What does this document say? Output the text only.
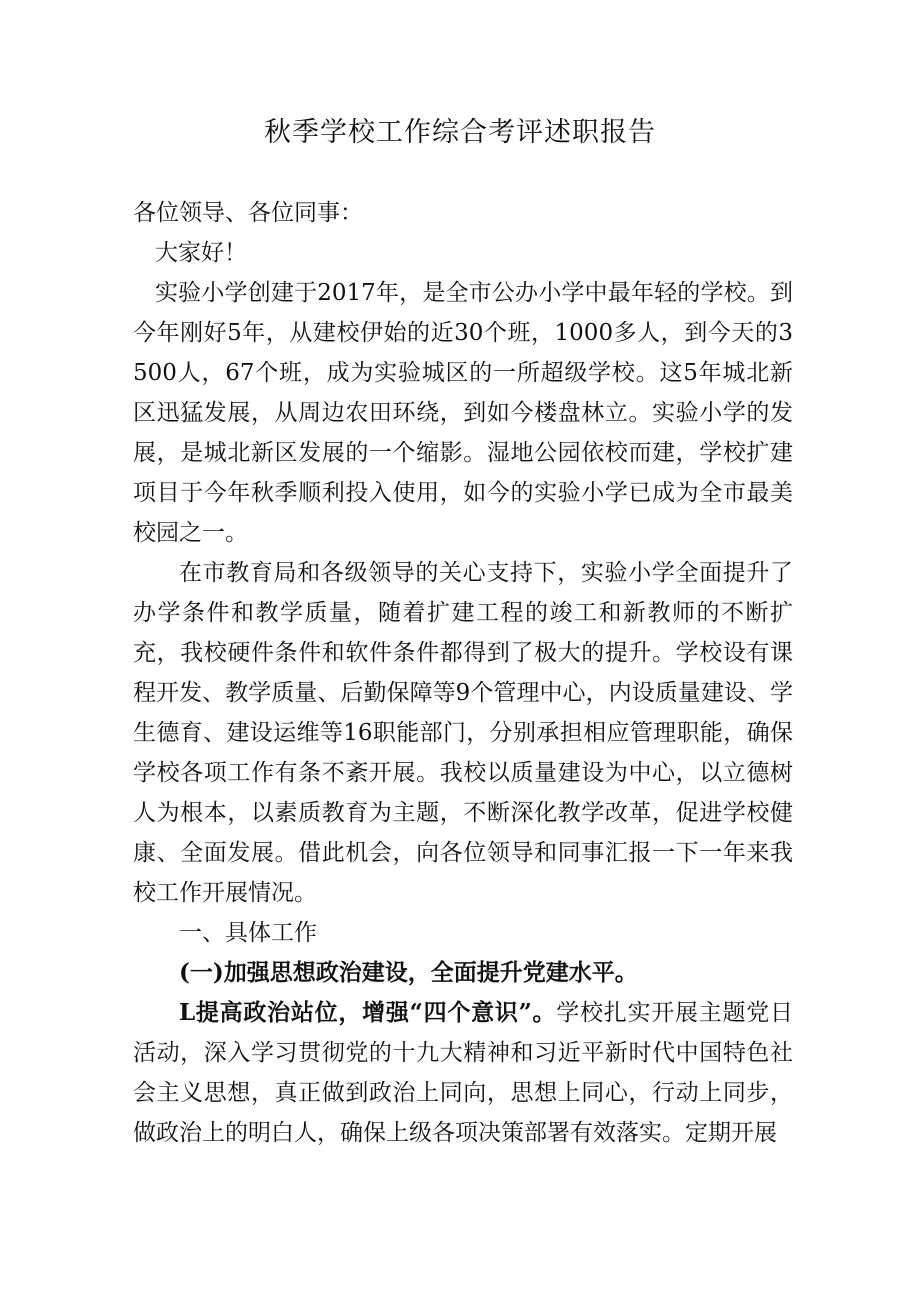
秋季学校工作综合考评述职报告

各位领导、各位同事：

大家好！

实验小学创建于2017年，是全市公办小学中最年轻的学校。到今年刚好5年，从建校伊始的近30个班，1000多人，到今天的3500人，67个班，成为实验城区的一所超级学校。这5年城北新区迅猛发展，从周边农田环绕，到如今楼盘林立。实验小学的发展，是城北新区发展的一个缩影。湿地公园依校而建，学校扩建项目于今年秋季顺利投入使用，如今的实验小学已成为全市最美校园之一。

在市教育局和各级领导的关心支持下，实验小学全面提升了办学条件和教学质量，随着扩建工程的竣工和新教师的不断扩充，我校硬件条件和软件条件都得到了极大的提升。学校设有课程开发、教学质量、后勤保障等9个管理中心，内设质量建设、学生德育、建设运维等16职能部门，分别承担相应管理职能，确保学校各项工作有条不紊开展。我校以质量建设为中心，以立德树人为根本，以素质教育为主题，不断深化教学改革，促进学校健康、全面发展。借此机会，向各位领导和同事汇报一下一年来我校工作开展情况。

一、具体工作

(一)加强思想政治建设，全面提升党建水平。

L提高政治站位，增强“四个意识”。学校扎实开展主题党日活动，深入学习贯彻党的十九大精神和习近平新时代中国特色社会主义思想，真正做到政治上同向，思想上同心，行动上同步，做政治上的明白人，确保上级各项决策部署有效落实。定期开展
